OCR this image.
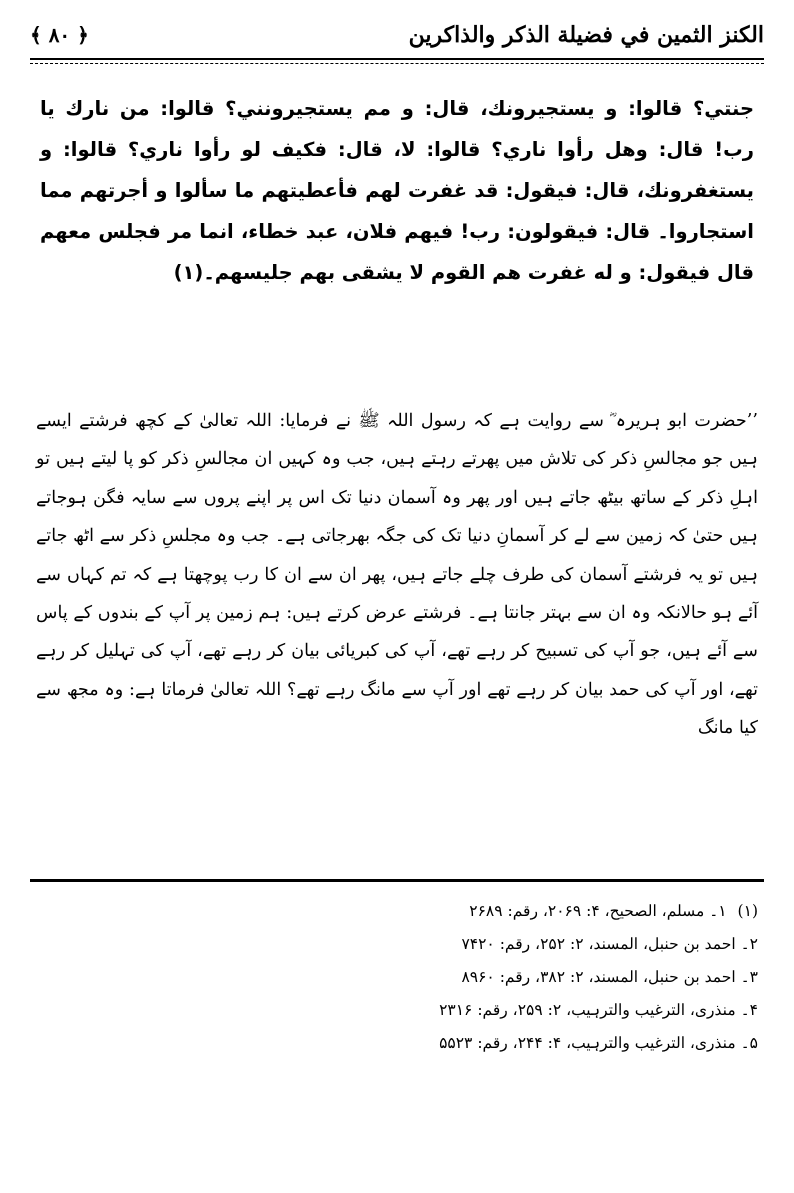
﴿ ۸۰ ﴾	الكنز الثمين في فضيلة الذكر والذاكرين

جنتي؟ قالوا: و يستجيرونك، قال: و مم يستجيرونني؟ قالوا: من نارك يا رب! قال: وهل رأوا ناري؟ قالوا: لا، قال: فكيف لو رأوا ناري؟ قالوا: و يستغفرونك، قال: فيقول: قد غفرت لهم فأعطيتهم ما سألوا و أجرتهم مما استجاروا۔ قال: فيقولون: رب! فيهم فلان، عبد خطاء، انما مر فجلس معهم قال فيقول: و له غفرت هم القوم لا يشقى بهم جليسهم۔(۱)

’’حضرت ابو ہریرہ ؓ سے روایت ہے کہ رسول اللہ ﷺ نے فرمایا: اللہ تعالیٰ کے کچھ فرشتے ایسے ہیں جو مجالسِ ذکر کی تلاش میں پھرتے رہتے ہیں، جب وہ کہیں ان مجالسِ ذکر کو پا لیتے ہیں تو اہلِ ذکر کے ساتھ بیٹھ جاتے ہیں اور پھر وہ آسمان دنیا تک اس پر اپنے پروں سے سایہ فگن ہوجاتے ہیں حتیٰ کہ زمین سے لے کر آسمانِ دنیا تک کی جگہ بھرجاتی ہے۔ جب وہ مجلسِ ذکر سے اٹھ جاتے ہیں تو یہ فرشتے آسمان کی طرف چلے جاتے ہیں، پھر ان سے ان کا رب پوچھتا ہے کہ تم کہاں سے آئے ہو حالانکہ وہ ان سے بہتر جانتا ہے۔ فرشتے عرض کرتے ہیں: ہم زمین پر آپ کے بندوں کے پاس سے آئے ہیں، جو آپ کی تسبیح کر رہے تھے، آپ کی کبریائی بیان کر رہے تھے، آپ کی تہلیل کر رہے تھے، اور آپ کی حمد بیان کر رہے تھے اور آپ سے مانگ رہے تھے؟ اللہ تعالیٰ فرماتا ہے: وہ مجھ سے کیا مانگ

(۱) ۱۔ مسلم، الصحیح، ۴: ۲۰۶۹، رقم: ۲۶۸۹
۲۔ احمد بن حنبل، المسند، ۲: ۲۵۲، رقم: ۷۴۲۰
۳۔ احمد بن حنبل، المسند، ۲: ۳۸۲، رقم: ۸۹۶۰
۴۔ منذری، الترغیب والترہیب، ۲: ۲۵۹، رقم: ۲۳۱۶
۵۔ منذری، الترغیب والترہیب، ۴: ۲۴۴، رقم: ۵۵۲۳
